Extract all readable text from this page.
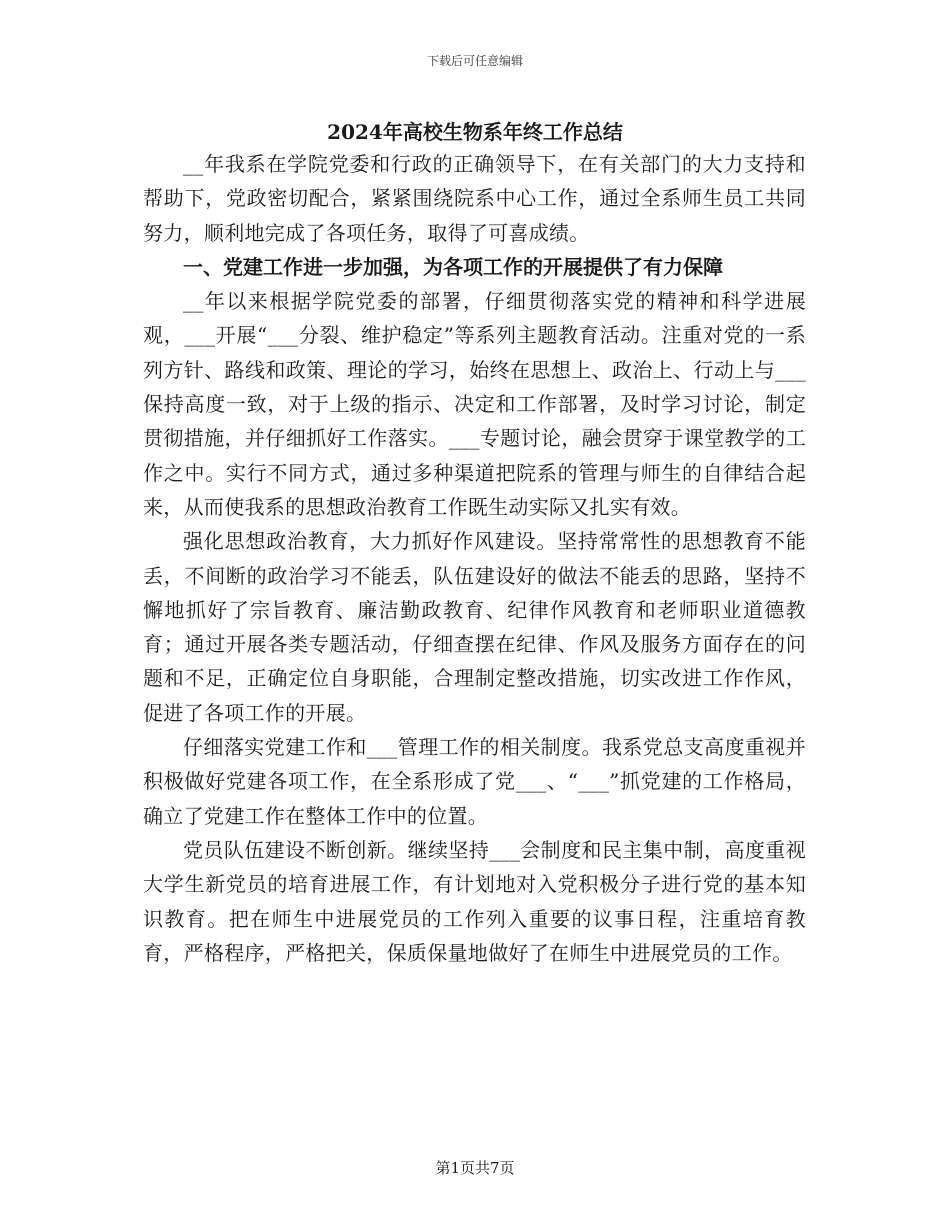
下载后可任意编辑
2024年高校生物系年终工作总结

__年我系在学院党委和行政的正确领导下，在有关部门的大力支持和帮助下，党政密切配合，紧紧围绕院系中心工作，通过全系师生员工共同努力，顺利地完成了各项任务，取得了可喜成绩。

一、党建工作进一步加强，为各项工作的开展提供了有力保障

__年以来根据学院党委的部署，仔细贯彻落实党的精神和科学进展观，___开展“___分裂、维护稳定”等系列主题教育活动。注重对党的一系列方针、路线和政策、理论的学习，始终在思想上、政治上、行动上与___保持高度一致，对于上级的指示、决定和工作部署，及时学习讨论，制定贯彻措施，并仔细抓好工作落实。___专题讨论，融会贯穿于课堂教学的工作之中。实行不同方式，通过多种渠道把院系的管理与师生的自律结合起来，从而使我系的思想政治教育工作既生动实际又扎实有效。

强化思想政治教育，大力抓好作风建设。坚持常常性的思想教育不能丢，不间断的政治学习不能丢，队伍建设好的做法不能丢的思路，坚持不懈地抓好了宗旨教育、廉洁勤政教育、纪律作风教育和老师职业道德教育；通过开展各类专题活动，仔细查摆在纪律、作风及服务方面存在的问题和不足，正确定位自身职能，合理制定整改措施，切实改进工作作风，促进了各项工作的开展。

仔细落实党建工作和___管理工作的相关制度。我系党总支高度重视并积极做好党建各项工作，在全系形成了党___、“___”抓党建的工作格局，确立了党建工作在整体工作中的位置。

党员队伍建设不断创新。继续坚持___会制度和民主集中制，高度重视大学生新党员的培育进展工作，有计划地对入党积极分子进行党的基本知识教育。把在师生中进展党员的工作列入重要的议事日程，注重培育教育，严格程序，严格把关，保质保量地做好了在师生中进展党员的工作。

第1页共7页
